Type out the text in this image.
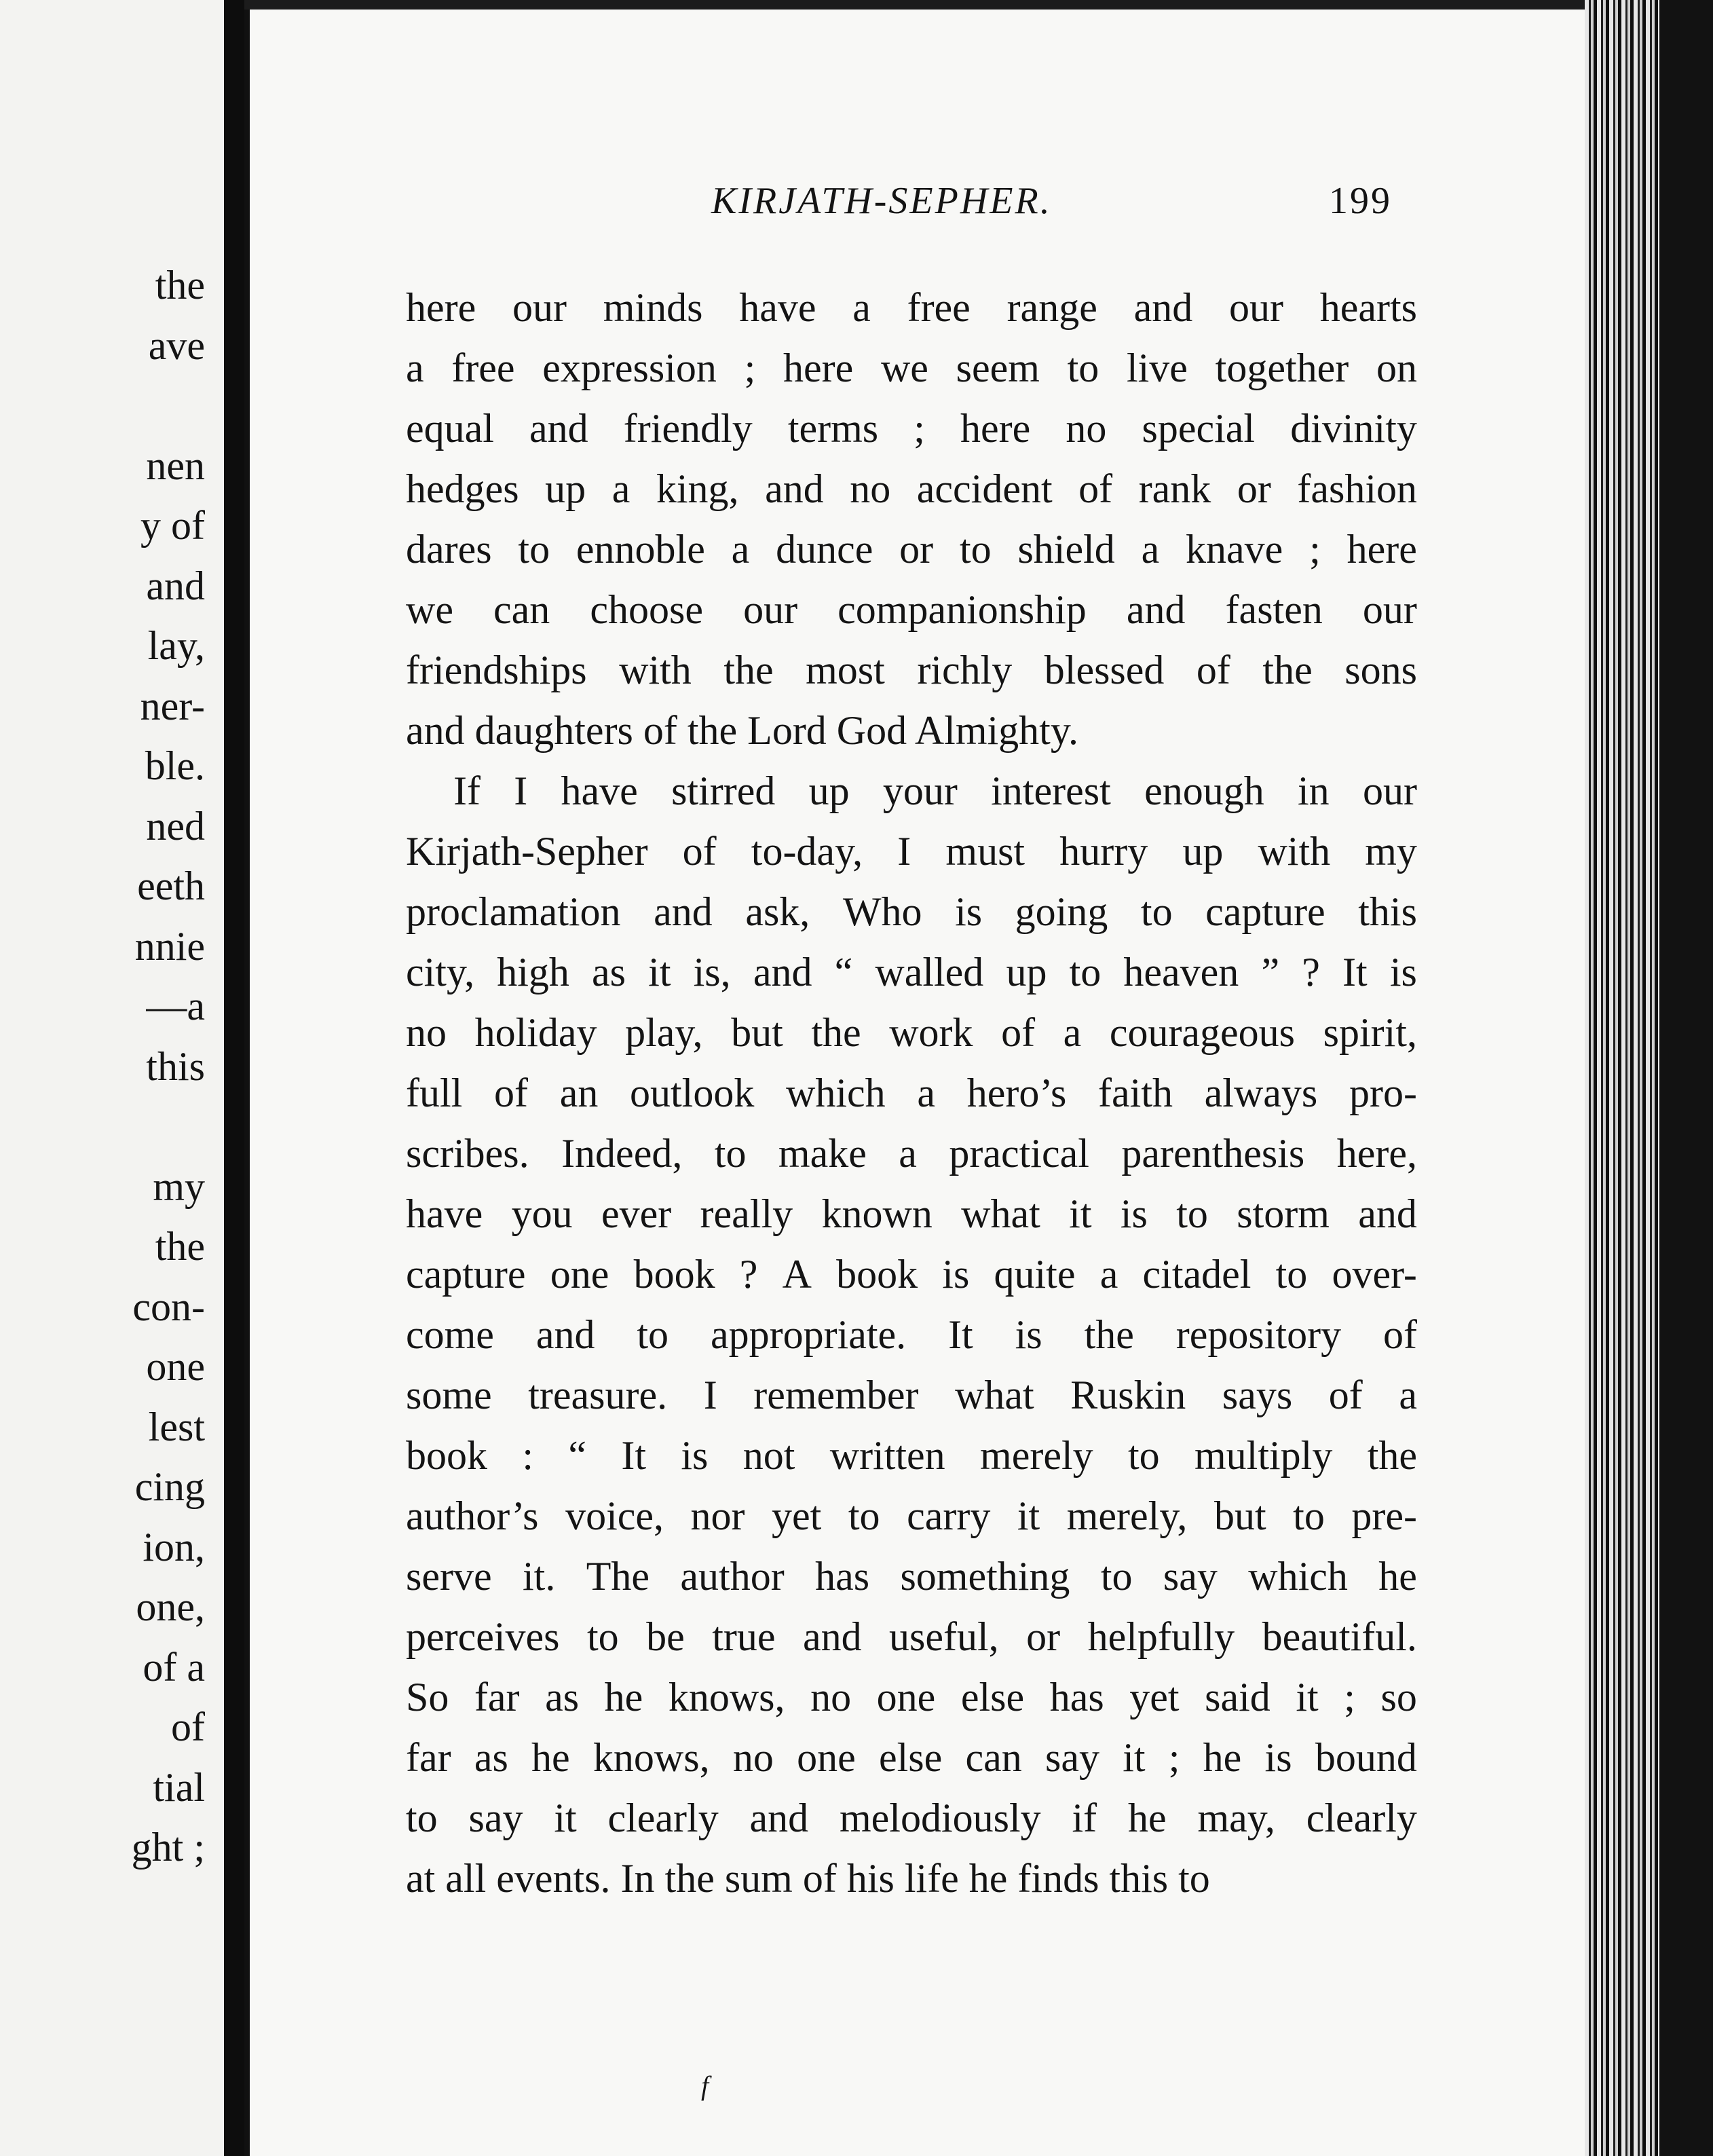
the
ave
nen
y of
and
lay,
ner-
ble.
ned
eeth
nnie
—a
this
my
the
con-
one
lest
cing
ion,
one,
of a
of
tial
ght ;
KIRJATH-SEPHER.	199
here our minds have a free range and our hearts
a free expression ; here we seem to live together on
equal and friendly terms ; here no special divinity
hedges up a king, and no accident of rank or fashion
dares to ennoble a dunce or to shield a knave ; here
we can choose our companionship and fasten our
friendships with the most richly blessed of the sons
and daughters of the Lord God Almighty.
If I have stirred up your interest enough in our
Kirjath-Sepher of to-day, I must hurry up with my
proclamation and ask, Who is going to capture this
city, high as it is, and “ walled up to heaven ” ? It is
no holiday play, but the work of a courageous spirit,
full of an outlook which a hero’s faith always pro-
scribes. Indeed, to make a practical parenthesis here,
have you ever really known what it is to storm and
capture one book ? A book is quite a citadel to over-
come and to appropriate. It is the repository of
some treasure. I remember what Ruskin says of a
book : “ It is not written merely to multiply the
author’s voice, nor yet to carry it merely, but to pre-
serve it. The author has something to say which he
perceives to be true and useful, or helpfully beautiful.
So far as he knows, no one else has yet said it ; so
far as he knows, no one else can say it ; he is bound
to say it clearly and melodiously if he may, clearly
at all events. In the sum of his life he finds this to
f
